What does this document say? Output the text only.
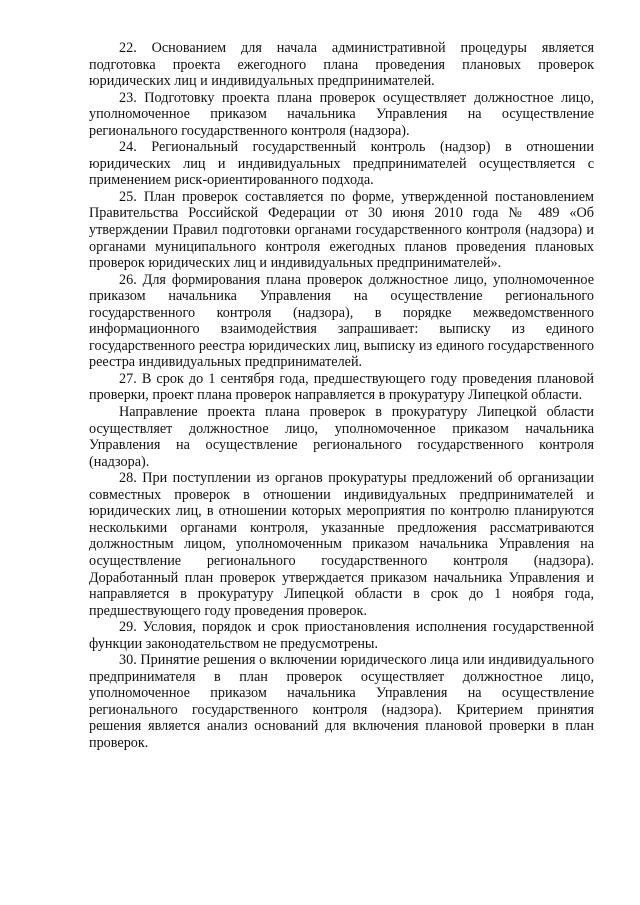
22. Основанием для начала административной процедуры является подготовка проекта ежегодного плана проведения плановых проверок юридических лиц и индивидуальных предпринимателей.

23. Подготовку проекта плана проверок осуществляет должностное лицо, уполномоченное приказом начальника Управления на осуществление регионального государственного контроля (надзора).

24. Региональный государственный контроль (надзор) в отношении юридических лиц и индивидуальных предпринимателей осуществляется с применением риск-ориентированного подхода.

25. План проверок составляется по форме, утвержденной постановлением Правительства Российской Федерации от 30 июня 2010 года № 489 «Об утверждении Правил подготовки органами государственного контроля (надзора) и органами муниципального контроля ежегодных планов проведения плановых проверок юридических лиц и индивидуальных предпринимателей».

26. Для формирования плана проверок должностное лицо, уполномоченное приказом начальника Управления на осуществление регионального государственного контроля (надзора), в порядке межведомственного информационного взаимодействия запрашивает: выписку из единого государственного реестра юридических лиц, выписку из единого государственного реестра индивидуальных предпринимателей.

27. В срок до 1 сентября года, предшествующего году проведения плановой проверки, проект плана проверок направляется в прокуратуру Липецкой области.

Направление проекта плана проверок в прокуратуру Липецкой области осуществляет должностное лицо, уполномоченное приказом начальника Управления на осуществление регионального государственного контроля (надзора).

28. При поступлении из органов прокуратуры предложений об организации совместных проверок в отношении индивидуальных предпринимателей и юридических лиц, в отношении которых мероприятия по контролю планируются несколькими органами контроля, указанные предложения рассматриваются должностным лицом, уполномоченным приказом начальника Управления на осуществление регионального государственного контроля (надзора). Доработанный план проверок утверждается приказом начальника Управления и направляется в прокуратуру Липецкой области в срок до 1 ноября года, предшествующего году проведения проверок.

29. Условия, порядок и срок приостановления исполнения государственной функции законодательством не предусмотрены.

30. Принятие решения о включении юридического лица или индивидуального предпринимателя в план проверок осуществляет должностное лицо, уполномоченное приказом начальника Управления на осуществление регионального государственного контроля (надзора). Критерием принятия решения является анализ оснований для включения плановой проверки в план проверок.
